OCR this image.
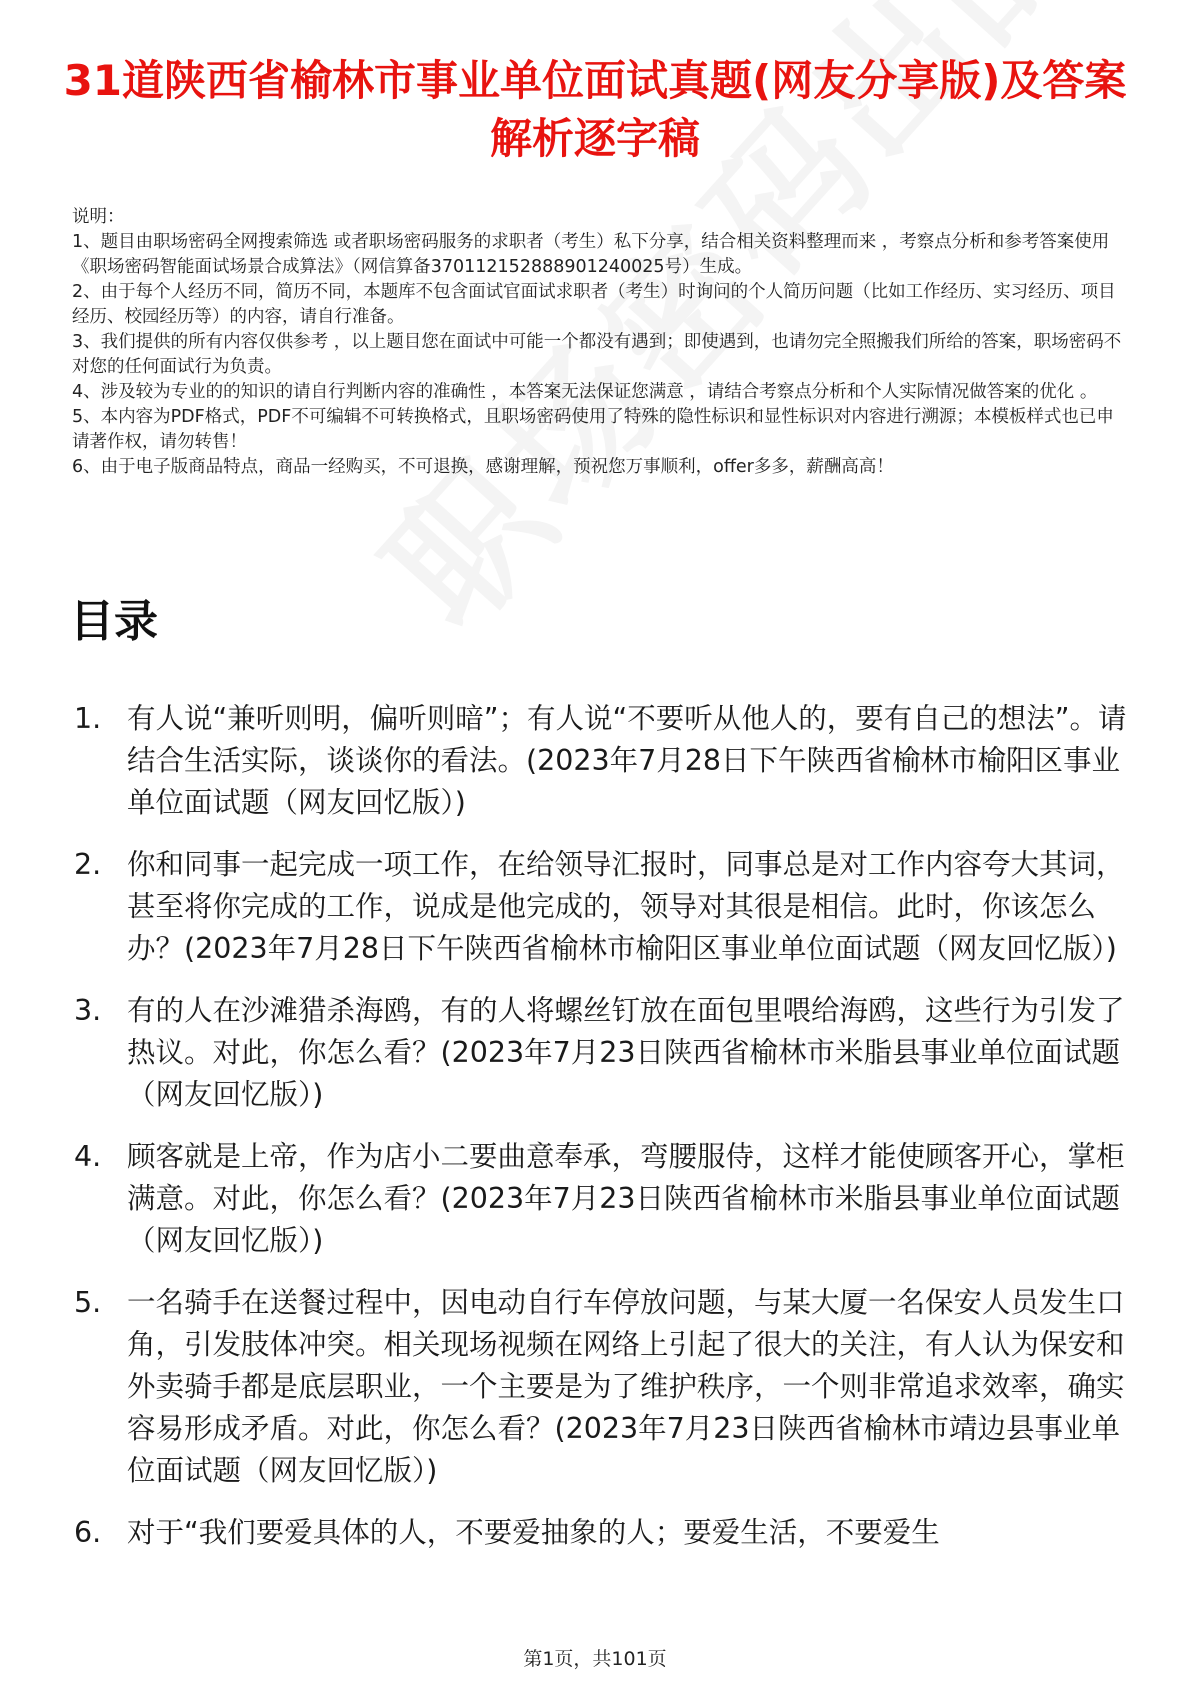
31道陕西省榆林市事业单位面试真题(网友分享版)及答案解析逐字稿

说明：

1、题目由职场密码全网搜索筛选 或者职场密码服务的求职者（考生）私下分享，结合相关资料整理而来 ，考察点分析和参考答案使用《职场密码智能面试场景合成算法》（网信算备370112152888901240025号）生成。

2、由于每个人经历不同，简历不同，本题库不包含面试官面试求职者（考生）时询问的个人简历问题（比如工作经历、实习经历、项目经历、校园经历等）的内容，请自行准备。

3、我们提供的所有内容仅供参考 ，以上题目您在面试中可能一个都没有遇到；即使遇到，也请勿完全照搬我们所给的答案，职场密码不对您的任何面试行为负责。

4、涉及较为专业的的知识的请自行判断内容的准确性 ，本答案无法保证您满意 ，请结合考察点分析和个人实际情况做答案的优化 。

5、本内容为PDF格式，PDF不可编辑不可转换格式，且职场密码使用了特殊的隐性标识和显性标识对内容进行溯源；本模板样式也已申请著作权，请勿转售！

6、由于电子版商品特点，商品一经购买，不可退换，感谢理解，预祝您万事顺利，offer多多，薪酬高高！

目录
1. 有人说“兼听则明，偏听则暗”；有人说“不要听从他人的，要有自己的想法”。请结合生活实际，谈谈你的看法。(2023年7月28日下午陕西省榆林市榆阳区事业单位面试题（网友回忆版）)
2. 你和同事一起完成一项工作，在给领导汇报时，同事总是对工作内容夸大其词，甚至将你完成的工作，说成是他完成的，领导对其很是相信。此时，你该怎么办？(2023年7月28日下午陕西省榆林市榆阳区事业单位面试题（网友回忆版）)
3. 有的人在沙滩猎杀海鸥，有的人将螺丝钉放在面包里喂给海鸥，这些行为引发了热议。对此，你怎么看？(2023年7月23日陕西省榆林市米脂县事业单位面试题（网友回忆版）)
4. 顾客就是上帝，作为店小二要曲意奉承，弯腰服侍，这样才能使顾客开心，掌柜满意。对此，你怎么看？(2023年7月23日陕西省榆林市米脂县事业单位面试题（网友回忆版）)
5. 一名骑手在送餐过程中，因电动自行车停放问题，与某大厦一名保安人员发生口角，引发肢体冲突。相关现场视频在网络上引起了很大的关注，有人认为保安和外卖骑手都是底层职业，一个主要是为了维护秩序，一个则非常追求效率，确实容易形成矛盾。对此，你怎么看？(2023年7月23日陕西省榆林市靖边县事业单位面试题（网友回忆版）)
6. 对于“我们要爱具体的人，不要爱抽象的人；要爱生活，不要爱生
第1页，共101页
